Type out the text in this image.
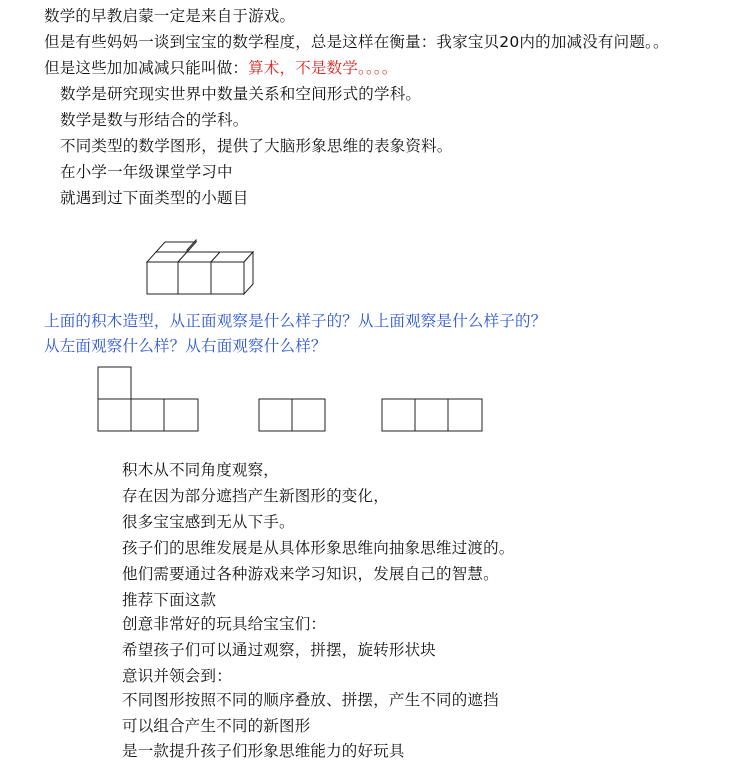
数学的早教启蒙一定是来自于游戏。
但是有些妈妈一谈到宝宝的数学程度，总是这样在衡量：我家宝贝20内的加减没有问题。。
但是这些加加减减只能叫做：算术，不是数学。。。。
数学是研究现实世界中数量关系和空间形式的学科。
数学是数与形结合的学科。
不同类型的数学图形，提供了大脑形象思维的表象资料。
在小学一年级课堂学习中
就遇到过下面类型的小题目
上面的积木造型，从正面观察是什么样子的？从上面观察是什么样子的？
从左面观察什么样？从右面观察什么样？
积木从不同角度观察，
存在因为部分遮挡产生新图形的变化，
很多宝宝感到无从下手。
孩子们的思维发展是从具体形象思维向抽象思维过渡的。
他们需要通过各种游戏来学习知识，发展自己的智慧。
推荐下面这款
创意非常好的玩具给宝宝们：
希望孩子们可以通过观察，拼摆，旋转形状块
意识并领会到：
不同图形按照不同的顺序叠放、拼摆，产生不同的遮挡
可以组合产生不同的新图形
是一款提升孩子们形象思维能力的好玩具
